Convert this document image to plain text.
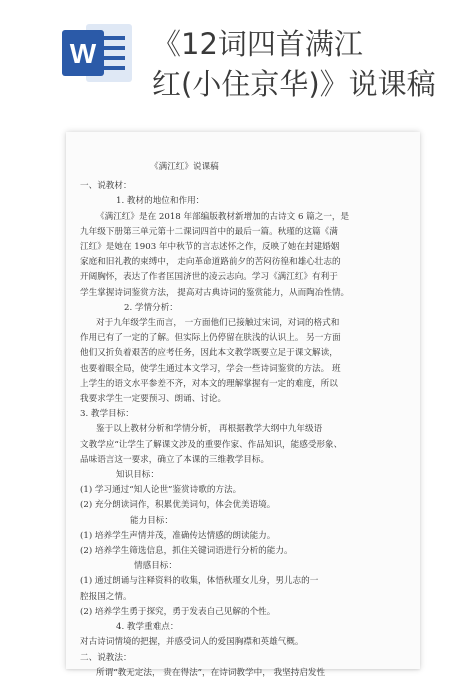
W 《12词四首满江
红(小住京华)》说课稿

《满江红》说课稿

一、说教材：

1. 教材的地位和作用：

《满江红》是在 2018 年部编版教材新增加的古诗文 6 篇之一，是

九年级下册第三单元第十二课词四首中的最后一篇。秋瑾的这篇《满

江红》是她在 1903 年中秋节的言志述怀之作，反映了她在封建婚姻

家庭和旧礼教的束缚中， 走向革命道路前夕的苦闷彷徨和雄心壮志的

开阔胸怀，表达了作者匡国济世的凌云志向。学习《满江红》有利于

学生掌握诗词鉴赏方法， 提高对古典诗词的鉴赏能力，从而陶冶性情。

2. 学情分析：

对于九年级学生而言， 一方面他们已接触过宋词，对词的格式和

作用已有了一定的了解。但实际上仍停留在肤浅的认识上。 另一方面

他们又折负着艰苦的应考任务，因此本文教学既要立足于课文解读，

也要着眼全局，使学生通过本文学习，学会一些诗词鉴赏的方法。 班

上学生的语文水平参差不齐，对本文的理解掌握有一定的难度，所以

我要求学生一定要预习、朗诵、讨论。

3. 教学目标：

鉴于以上教材分析和学情分析， 再根据教学大纲中九年级语

文教学应“让学生了解课文涉及的重要作家、作品知识，能感受形象、

品味语言这一要求，确立了本课的三维教学目标。

知识目标：

(1) 学习通过“知人论世”鉴赏诗歌的方法。

(2) 充分朗读词作，积累优美词句，体会优美语境。

能力目标：

(1) 培养学生声情并茂，准确传达情感的朗读能力。

(2) 培养学生筛选信息，抓住关键词语进行分析的能力。

情感目标：

(1) 通过朗诵与注释资料的收集，体悟秋瑾女儿身，男儿志的一

腔报国之情。

(2) 培养学生勇于探究，勇于发表自己见解的个性。

4. 教学重难点：

对古诗词情境的把握，并感受词人的爱国胸襟和英雄气概。

二、说教法：

所谓“教无定法， 贵在得法”，在诗词教学中， 我坚持启发性
